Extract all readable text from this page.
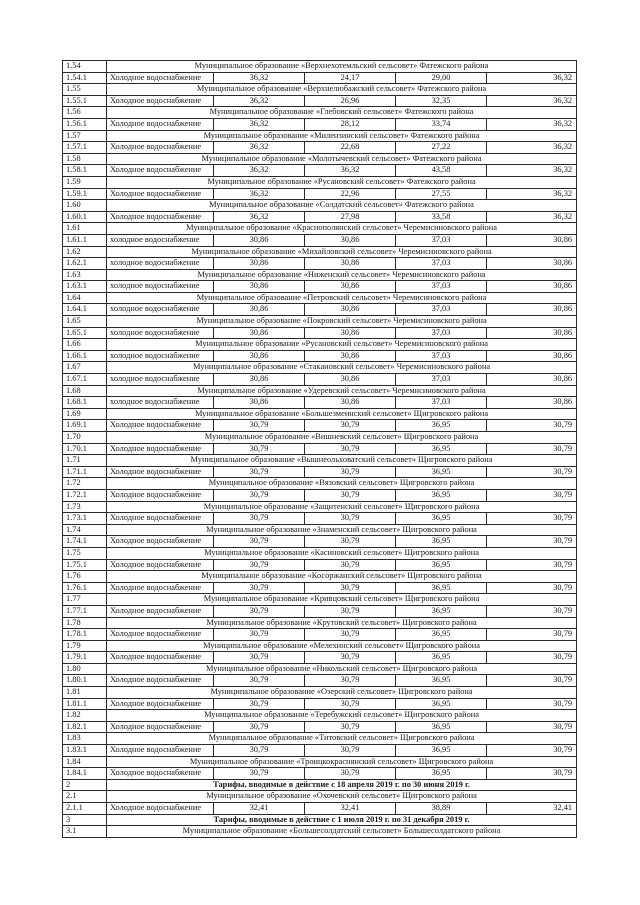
1.54	Муниципальное образование «Верхнехотемльский сельсовет» Фатежского района				
1.54.1	Холодное водоснабжение	36,32	24,17	29,00	36,32
1.55	Муниципальное образование «Верхнелюбажский сельсовет» Фатежского района				
1.55.1	Холодное водоснабжение	36,32	26,96	32,35	36,32
1.56	Муниципальное образование «Глебовский сельсовет» Фатежского района				
1.56.1	Холодное водоснабжение	36,32	28,12	33,74	36,32
1.57	Муниципальное образование «Милензинский сельсовет» Фатежского района				
1.57.1	Холодное водоснабжение	36,32	22,68	27,22	36,32
1.58	Муниципальное образование «Молотычевский сельсовет» Фатежского района				
1.58.1	Холодное водоснабжение	36,32	36,32	43,58	36,32
1.59	Муниципальное образование «Русановский сельсовет» Фатежского района				
1.59.1	Холодное водоснабжение	36,32	22,96	27,55	36,32
1.60	Муниципальное образование «Солдатский сельсовет» Фатежского района				
1.60.1	Холодное водоснабжение	36,32	27,98	33,58	36,32
1.61	Муниципальное образование «Краснополянский сельсовет» Черемисиновского района				
1.61.1	холодное водоснабжение	30,86	30,86	37,03	30,86
1.62	Муниципальное образование «Михайловский сельсовет» Черемисиновского района				
1.62.1	холодное водоснабжение	30,86	30,86	37,03	30,86
1.63	Муниципальное образование «Ниженский сельсовет» Черемисиновского района				
1.63.1	холодное водоснабжение	30,86	30,86	37,03	30,86
1.64	Муниципальное образование «Петровский сельсовет» Черемисиновского района				
1.64.1	холодное водоснабжение	30,86	30,86	37,03	30,86
1.65	Муниципальное образование «Покровский сельсовет» Черемисиновского района				
1.65.1	холодное водоснабжение	30,86	30,86	37,03	30,86
1.66	Муниципальное образование «Русановский сельсовет» Черемисиновского района				
1.66.1	холодное водоснабжение	30,86	30,86	37,03	30,86
1.67	Муниципальное образование «Стакановский сельсовет» Черемисиновского района				
1.67.1	холодное водоснабжение	30,86	30,86	37,03	30,86
1.68	Муниципальное образование «Удеревский сельсовет» Черемисиновского района				
1.68.1	холодное водоснабжение	30,86	30,86	37,03	30,86
1.69	Муниципальное образование «Большезмеинский сельсовет» Щигровского района				
1.69.1	Холодное водоснабжение	30,79	30,79	36,95	30,79
1.70	Муниципальное образование «Вишневский сельсовет» Щигровского района				
1.70.1	Холодное водоснабжение	30,79	30,79	36,95	30,79
1.71	Муниципальное образование «Вышнеольховатский сельсовет» Щигровского района				
1.71.1	Холодное водоснабжение	30,79	30,79	36,95	30,79
1.72	Муниципальное образование «Вязовский сельсовет» Щигровского района				
1.72.1	Холодное водоснабжение	30,79	30,79	36,95	30,79
1.73	Муниципальное образование «Защитенский сельсовет» Щигровского района				
1.73.1	Холодное водоснабжение	30,79	30,79	36,95	30,79
1.74	Муниципальное образование «Знаменский сельсовет» Щигровского района				
1.74.1	Холодное водоснабжение	30,79	30,79	36,95	30,79
1.75	Муниципальное образование «Касиновский сельсовет» Щигровского района				
1.75.1	Холодное водоснабжение	30,79	30,79	36,95	30,79
1.76	Муниципальное образование «Косоржанский сельсовет» Щигровского района				
1.76.1	Холодное водоснабжение	30,79	30,79	36,95	30,79
1.77	Муниципальное образование «Кривцовский сельсовет» Щигровского района				
1.77.1	Холодное водоснабжение	30,79	30,79	36,95	30,79
1.78	Муниципальное образование «Крутовский сельсовет» Щигровского района				
1.78.1	Холодное водоснабжение	30,79	30,79	36,95	30,79
1.79	Муниципальное образование «Мелехинский сельсовет» Щигровского района				
1.79.1	Холодное водоснабжение	30,79	30,79	36,95	30,79
1.80	Муниципальное образование «Никольский сельсовет» Щигровского района				
1.80.1	Холодное водоснабжение	30,79	30,79	36,95	30,79
1.81	Муниципальное образование «Озерский сельсовет» Щигровского района				
1.81.1	Холодное водоснабжение	30,79	30,79	36,95	30,79
1.82	Муниципальное образование «Теребужский сельсовет» Щигровского района				
1.82.1	Холодное водоснабжение	30,79	30,79	36,95	30,79
1.83	Муниципальное образование «Титовский сельсовет» Щигровского района				
1.83.1	Холодное водоснабжение	30,79	30,79	36,95	30,79
1.84	Муниципальное образование «Троицкокраснянский сельсовет» Щигровского района				
1.84.1	Холодное водоснабжение	30,79	30,79	36,95	30,79
2	Тарифы, вводимые в действие с 18 апреля 2019 г. по 30 июня 2019 г.				
2.1	Муниципальное образование «Охочевский сельсовет» Щигровского района				
2.1.1	Холодное водоснабжение	32,41	32,41	38,89	32,41
3	Тарифы, вводимые в действие с 1 июля 2019 г. по 31 декабря 2019 г.				
3.1	Муниципальное образование «Большесолдатский сельсовет» Большесолдатского района				
